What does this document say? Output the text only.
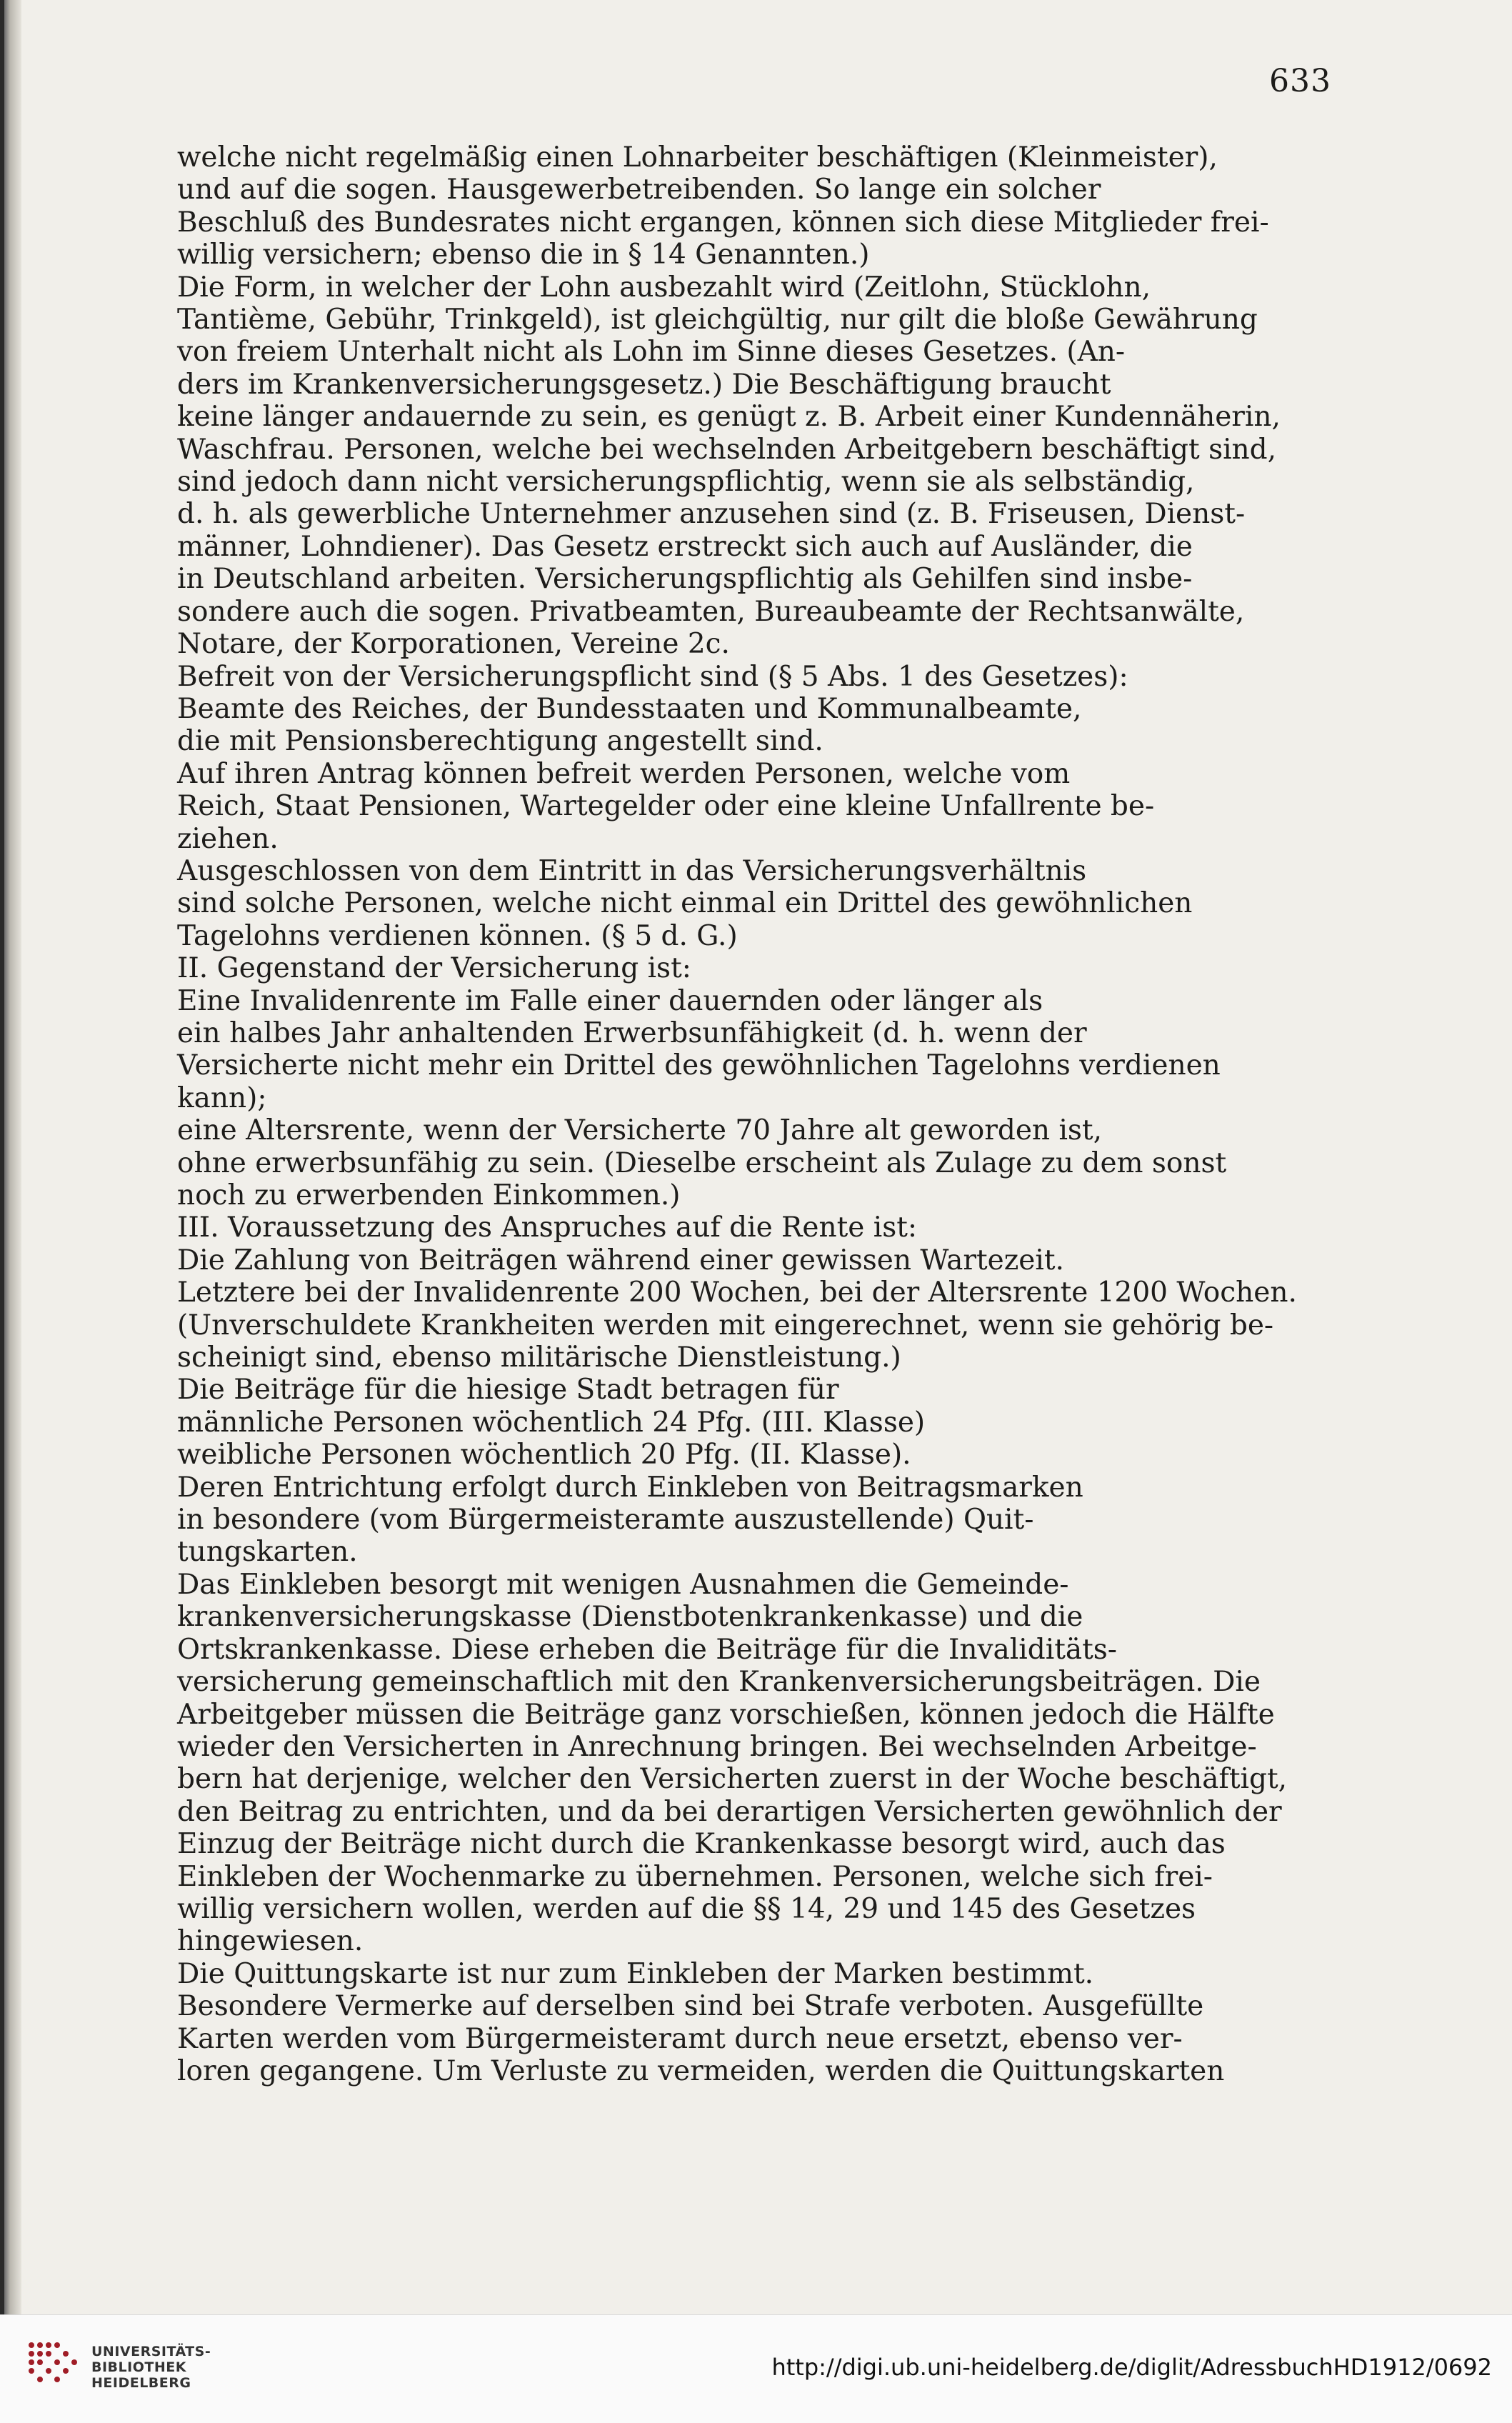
633

welche nicht regelmäßig einen Lohnarbeiter beschäftigen (Kleinmeister),

und auf die sogen. Hausgewerbetreibenden. So lange ein solcher

Beschluß des Bundesrates nicht ergangen, können sich diese Mitglieder frei-

willig versichern; ebenso die in § 14 Genannten.)

Die Form, in welcher der Lohn ausbezahlt wird (Zeitlohn, Stücklohn,

Tantième, Gebühr, Trinkgeld), ist gleichgültig, nur gilt die bloße Gewährung

von freiem Unterhalt nicht als Lohn im Sinne dieses Gesetzes. (An-

ders im Krankenversicherungsgesetz.) Die Beschäftigung braucht

keine länger andauernde zu sein, es genügt z. B. Arbeit einer Kundennäherin,

Waschfrau. Personen, welche bei wechselnden Arbeitgebern beschäftigt sind,

sind jedoch dann nicht versicherungspflichtig, wenn sie als selbständig,

d. h. als gewerbliche Unternehmer anzusehen sind (z. B. Friseusen, Dienst-

männer, Lohndiener). Das Gesetz erstreckt sich auch auf Ausländer, die

in Deutschland arbeiten. Versicherungspflichtig als Gehilfen sind insbe-

sondere auch die sogen. Privatbeamten, Bureaubeamte der Rechtsanwälte,

Notare, der Korporationen, Vereine 2c.

Befreit von der Versicherungspflicht sind (§ 5 Abs. 1 des Gesetzes):

Beamte des Reiches, der Bundesstaaten und Kommunalbeamte,

die mit Pensionsberechtigung angestellt sind.

Auf ihren Antrag können befreit werden Personen, welche vom

Reich, Staat Pensionen, Wartegelder oder eine kleine Unfallrente be-

ziehen.

Ausgeschlossen von dem Eintritt in das Versicherungsverhältnis

sind solche Personen, welche nicht einmal ein Drittel des gewöhnlichen

Tagelohns verdienen können. (§ 5 d. G.)

II. Gegenstand der Versicherung ist:

Eine Invalidenrente im Falle einer dauernden oder länger als

ein halbes Jahr anhaltenden Erwerbsunfähigkeit (d. h. wenn der

Versicherte nicht mehr ein Drittel des gewöhnlichen Tagelohns verdienen

kann);

eine Altersrente, wenn der Versicherte 70 Jahre alt geworden ist,

ohne erwerbsunfähig zu sein. (Dieselbe erscheint als Zulage zu dem sonst

noch zu erwerbenden Einkommen.)

III. Voraussetzung des Anspruches auf die Rente ist:

Die Zahlung von Beiträgen während einer gewissen Wartezeit.

Letztere bei der Invalidenrente 200 Wochen, bei der Altersrente 1200 Wochen.

(Unverschuldete Krankheiten werden mit eingerechnet, wenn sie gehörig be-

scheinigt sind, ebenso militärische Dienstleistung.)

Die Beiträge für die hiesige Stadt betragen für

männliche Personen wöchentlich 24 Pfg. (III. Klasse)

weibliche Personen wöchentlich 20 Pfg. (II. Klasse).

Deren Entrichtung erfolgt durch Einkleben von Beitragsmarken

in besondere (vom Bürgermeisteramte auszustellende) Quit-

tungskarten.

Das Einkleben besorgt mit wenigen Ausnahmen die Gemeinde-

krankenversicherungskasse (Dienstbotenkrankenkasse) und die

Ortskrankenkasse. Diese erheben die Beiträge für die Invaliditäts-

versicherung gemeinschaftlich mit den Krankenversicherungsbeiträgen. Die

Arbeitgeber müssen die Beiträge ganz vorschießen, können jedoch die Hälfte

wieder den Versicherten in Anrechnung bringen. Bei wechselnden Arbeitge-

bern hat derjenige, welcher den Versicherten zuerst in der Woche beschäftigt,

den Beitrag zu entrichten, und da bei derartigen Versicherten gewöhnlich der

Einzug der Beiträge nicht durch die Krankenkasse besorgt wird, auch das

Einkleben der Wochenmarke zu übernehmen. Personen, welche sich frei-

willig versichern wollen, werden auf die §§ 14, 29 und 145 des Gesetzes

hingewiesen.

Die Quittungskarte ist nur zum Einkleben der Marken bestimmt.

Besondere Vermerke auf derselben sind bei Strafe verboten. Ausgefüllte

Karten werden vom Bürgermeisteramt durch neue ersetzt, ebenso ver-

loren gegangene. Um Verluste zu vermeiden, werden die Quittungskarten

UNIVERSITÄTS-
BIBLIOTHEK
HEIDELBERG
http://digi.ub.uni-heidelberg.de/diglit/AdressbuchHD1912/0692
